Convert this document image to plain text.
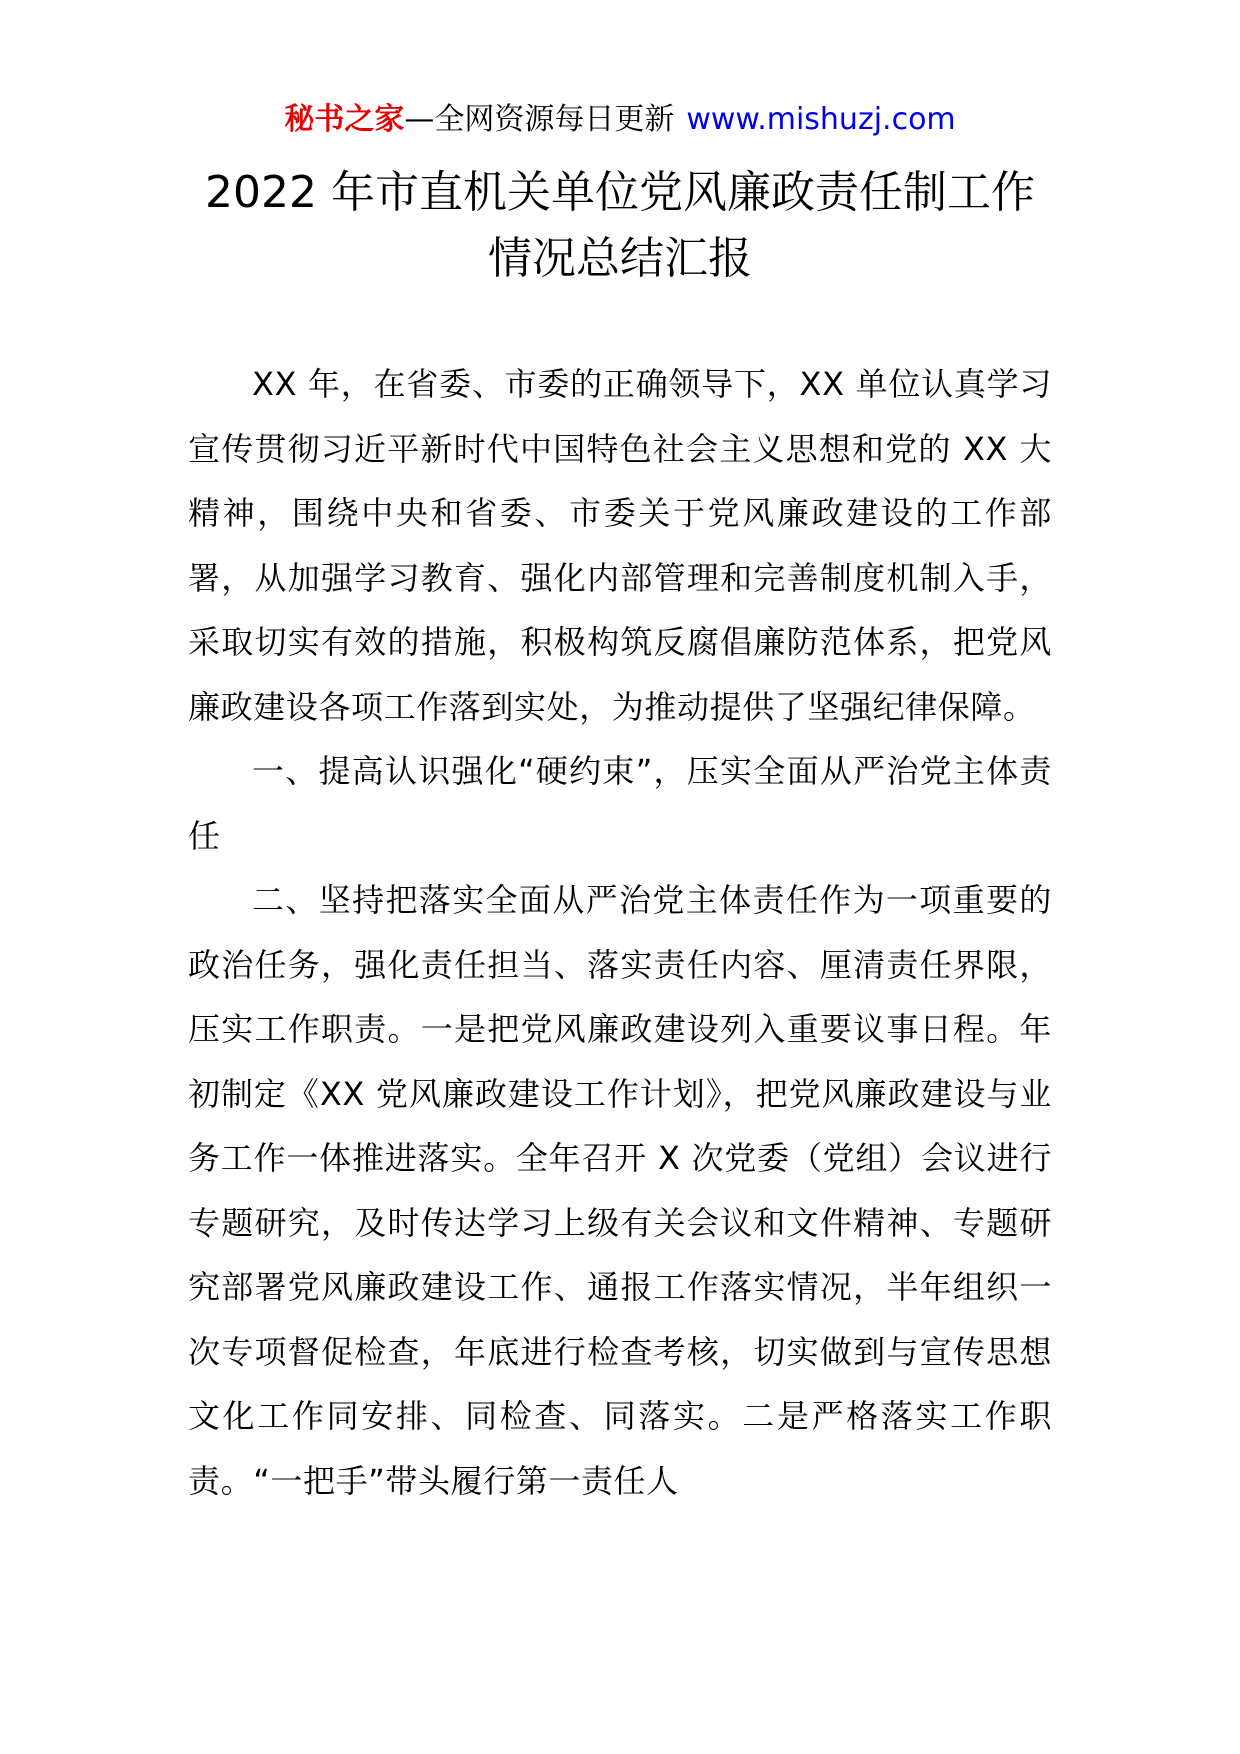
秘书之家—全网资源每日更新 www.mishuzj.com
2022 年市直机关单位党风廉政责任制工作
情况总结汇报

XX 年，在省委、市委的正确领导下，XX 单位认真学习宣传贯彻习近平新时代中国特色社会主义思想和党的 XX 大精神，围绕中央和省委、市委关于党风廉政建设的工作部署，从加强学习教育、强化内部管理和完善制度机制入手，采取切实有效的措施，积极构筑反腐倡廉防范体系，把党风廉政建设各项工作落到实处，为推动提供了坚强纪律保障。

一、提高认识强化“硬约束”，压实全面从严治党主体责任

二、坚持把落实全面从严治党主体责任作为一项重要的政治任务，强化责任担当、落实责任内容、厘清责任界限，压实工作职责。一是把党风廉政建设列入重要议事日程。年初制定《XX 党风廉政建设工作计划》，把党风廉政建设与业务工作一体推进落实。全年召开 X 次党委（党组）会议进行专题研究，及时传达学习上级有关会议和文件精神、专题研究部署党风廉政建设工作、通报工作落实情况，半年组织一次专项督促检查，年底进行检查考核，切实做到与宣传思想文化工作同安排、同检查、同落实。二是严格落实工作职责。“一把手”带头履行第一责任人
